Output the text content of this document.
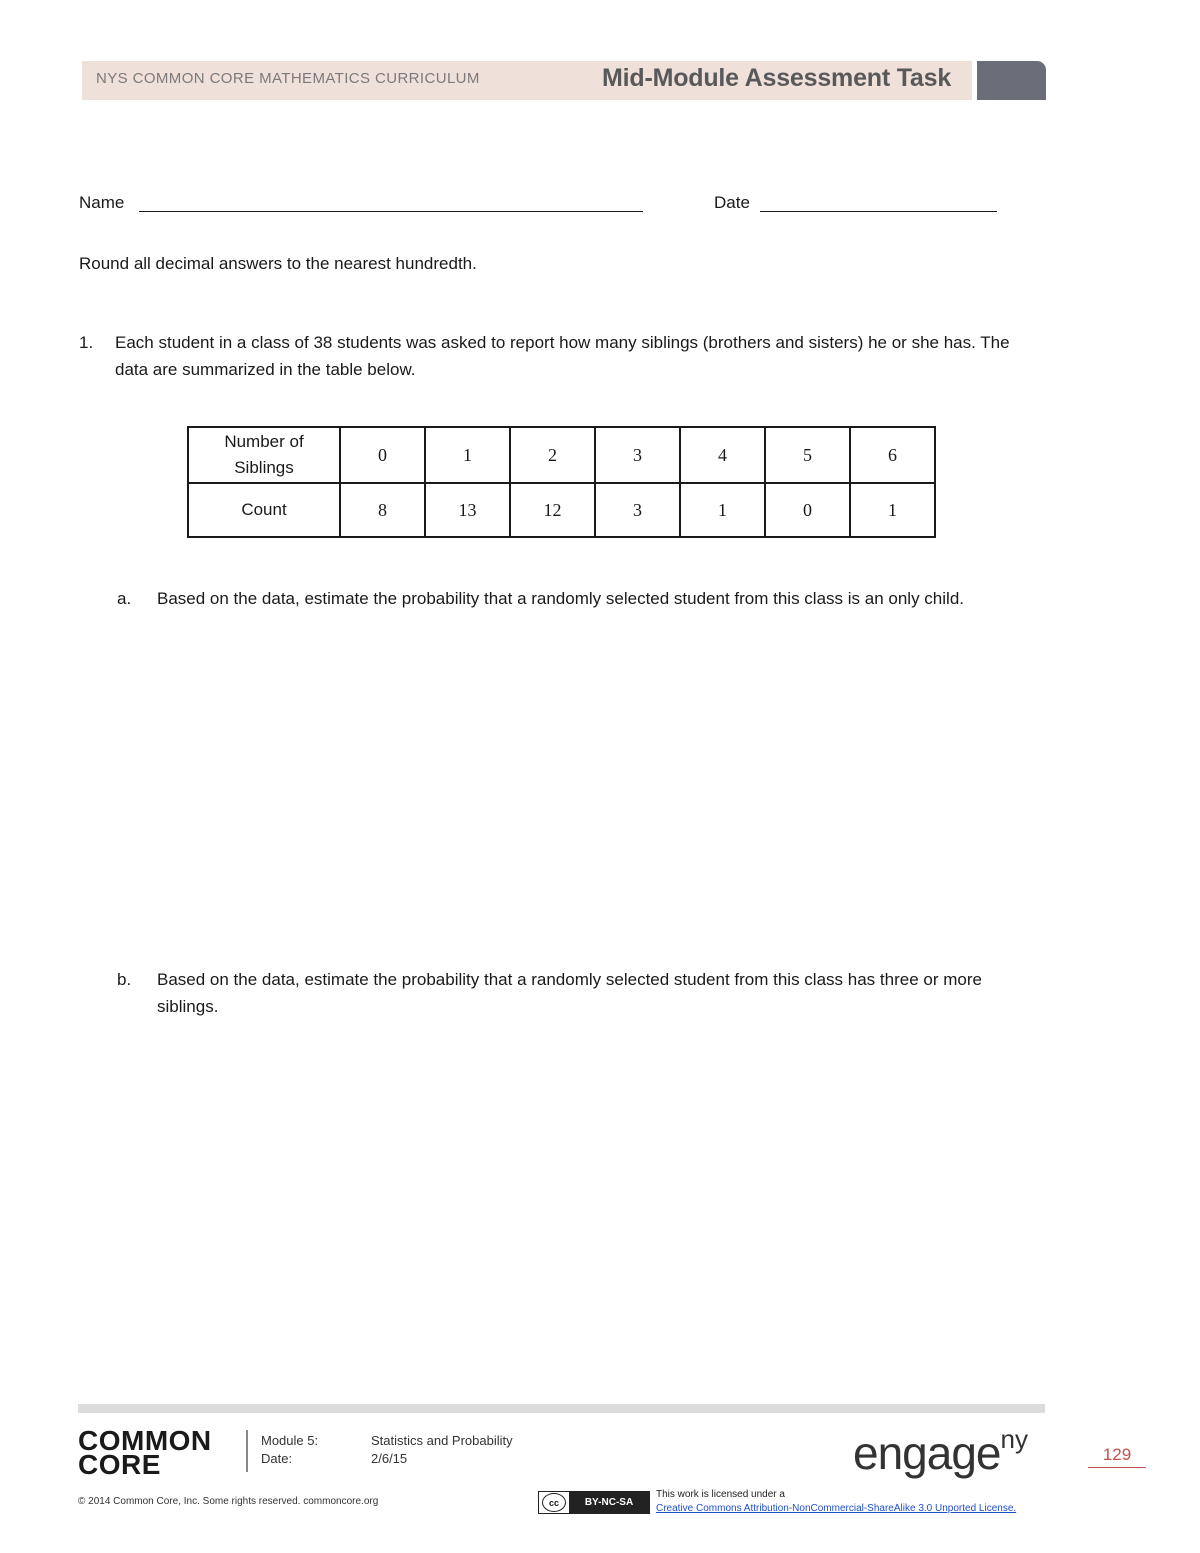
NYS COMMON CORE MATHEMATICS CURRICULUM	Mid-Module Assessment Task
Name	Date
Round all decimal answers to the nearest hundredth.
1. Each student in a class of 38 students was asked to report how many siblings (brothers and sisters) he or she has. The data are summarized in the table below.
Number of
Siblings	0	1	2	3	4	5	6
Count	8	13	12	3	1	0	1
a. Based on the data, estimate the probability that a randomly selected student from this class is an only child.
b. Based on the data, estimate the probability that a randomly selected student from this class has three or more siblings.
COMMON
CORE
Module 5:	Statistics and Probability
Date:	2/6/15	engage$^{ny}$
129
© 2014 Common Core, Inc. Some rights reserved. commoncore.org	cc	BY-NC-SA
This work is licensed under a
Creative Commons Attribution-NonCommercial-ShareAlike 3.0 Unported License.
